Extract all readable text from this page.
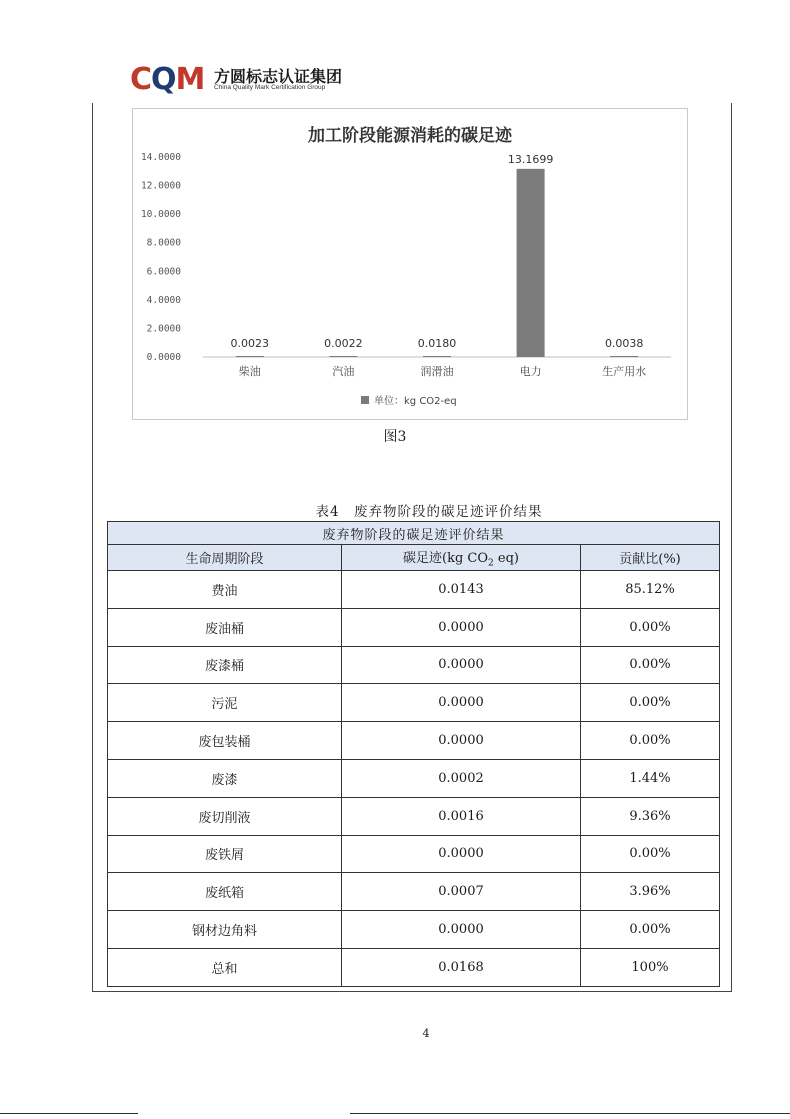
CQM 方圆标志认证集团
China Quality Mark Certification Group
加工阶段能源消耗的碳足迹
0.0000
2.0000
4.0000
6.0000
8.0000
10.0000
12.0000
14.0000
0.0023	0.0022	0.0180
13.1699
0.0038
柴油	汽油	润滑油	电力	生产用水
单位：kg CO2-eq
图3
表4　废弃物阶段的碳足迹评价结果
废弃物阶段的碳足迹评价结果		
生命周期阶段	碳足迹(kg $CO_2$ eq)	贡献比(%)
费油	0.0143	85.12%
废油桶	0.0000	0.00%
废漆桶	0.0000	0.00%
污泥	0.0000	0.00%
废包装桶	0.0000	0.00%
废漆	0.0002	1.44%
废切削液	0.0016	9.36%
废铁屑	0.0000	0.00%
废纸箱	0.0007	3.96%
钢材边角料	0.0000	0.00%
总和	0.0168	100%
4
